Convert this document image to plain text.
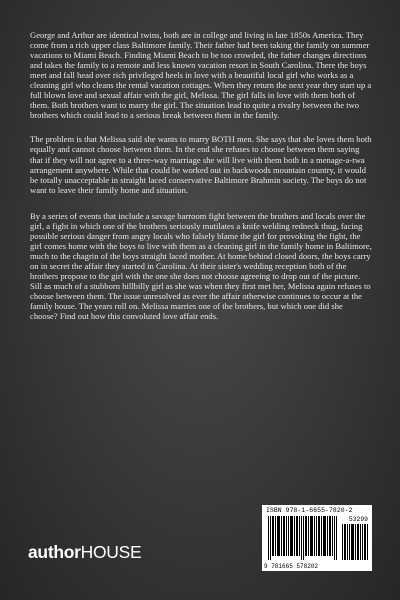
George and Arthur are identical twins, both are in college and living in late 1850s America. They come from a rich upper class Baltimore family. Their father had been taking the family on summer vacations to Miami Beach. Finding Miami Beach to be too crowded, the father changes directions and takes the family to a remote and less known vacation resort in South Carolina. There the boys meet and fall head over rich privileged heels in love with a beautiful local girl who works as a cleaning girl who cleans the rental vacation cottages. When they return the next year they start up a full blown love and sexual affair with the girl, Melissa. The girl falls in love with them both of them. Both brothers want to marry the girl. The situation lead to quite a rivalry between the two brothers which could lead to a serious break between them in the family.

The problem is that Melissa said she wants to marry BOTH men. She says that she loves them both equally and cannot choose between them. In the end she refuses to choose between them saying that if they will not agree to a three-way marriage she will live with them both in a menage-a-twa arrangement anywhere. While that could be worked out in backwoods mountain country, it would be totally unacceptable in straight laced conservative Baltimore Brahmin society. The boys do not want to leave their family home and situation.

By a series of events that include a savage barroom fight between the brothers and locals over the girl, a fight in which one of the brothers seriously mutilates a knife welding redneck thug, facing possible serious danger from angry locals who falsely blame the girl for provoking the fight, the girl comes home with the boys to live with them as a cleaning girl in the family home in Baltimore, much to the chagrin of the boys straight laced mother. At home behind closed doors, the boys carry on in secret the affair they started in Carolina. At their sister's wedding reception both of the brothers propose to the girl with the one she does not choose agreeing to drop out of the picture. Sill as much of a stubborn hillbilly girl as she was when they first met her, Melissa again refuses to choose between them. The issue unresolved as ever the affair otherwise continues to occur at the family house. The years roll on. Melissa marries one of the brothers, but which one did she choose? Find out how this convoluted love affair ends.

authorHOUSE
ISBN 978-1-6655-7820-2
53299
9 781665 578202
